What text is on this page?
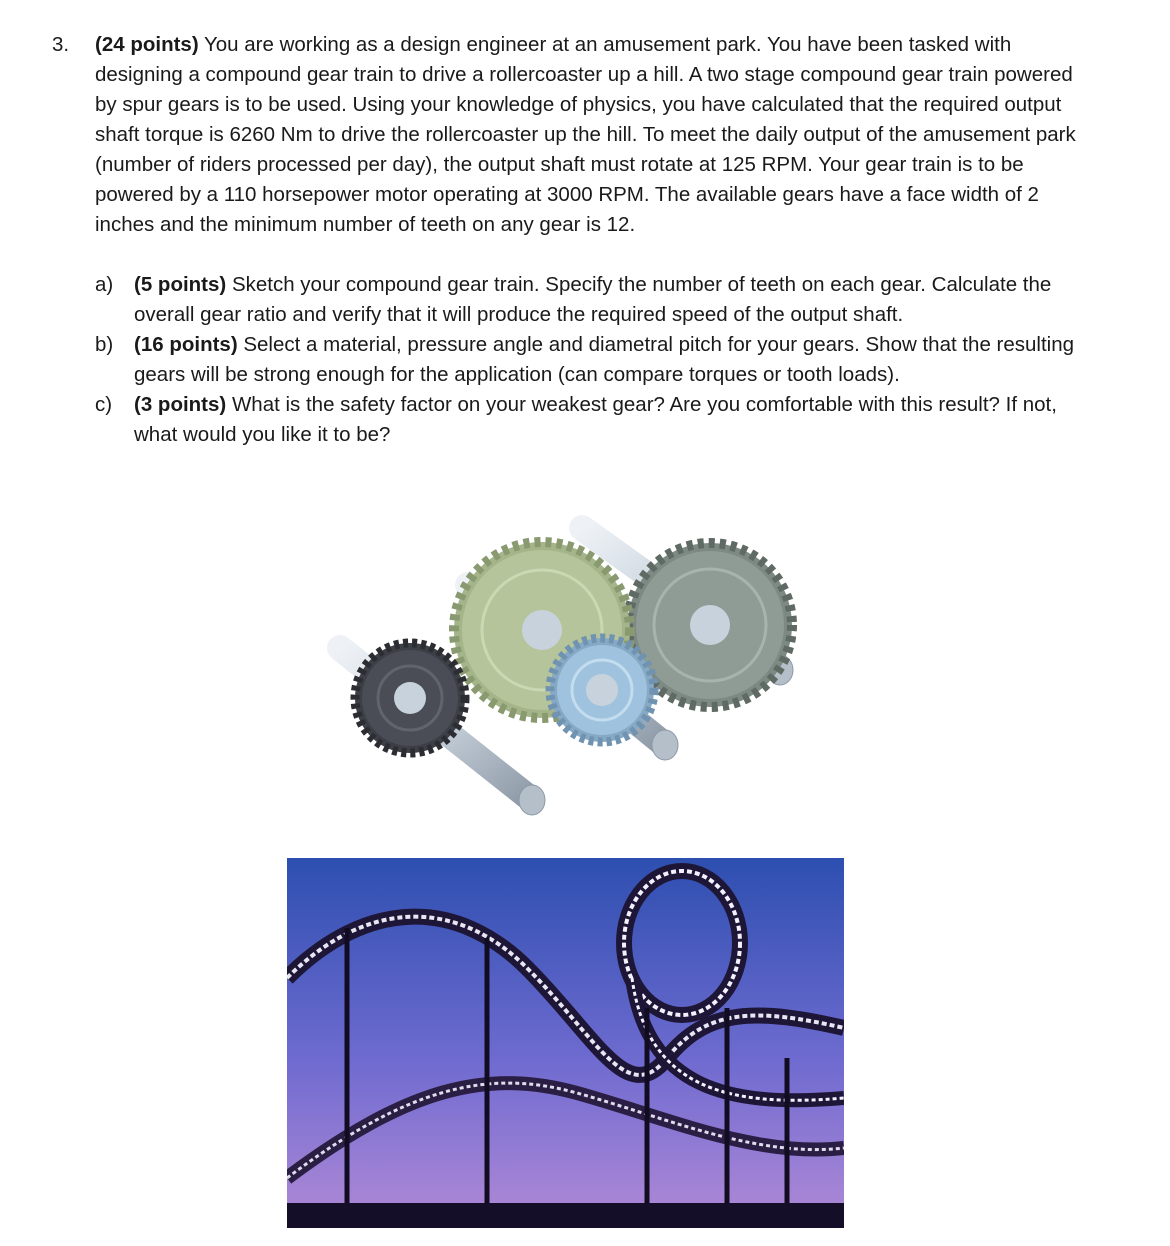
3. (24 points) You are working as a design engineer at an amusement park. You have been tasked with designing a compound gear train to drive a rollercoaster up a hill. A two stage compound gear train powered by spur gears is to be used. Using your knowledge of physics, you have calculated that the required output shaft torque is 6260 Nm to drive the rollercoaster up the hill. To meet the daily output of the amusement park (number of riders processed per day), the output shaft must rotate at 125 RPM. Your gear train is to be powered by a 110 horsepower motor operating at 3000 RPM. The available gears have a face width of 2 inches and the minimum number of teeth on any gear is 12.
a) (5 points) Sketch your compound gear train. Specify the number of teeth on each gear. Calculate the overall gear ratio and verify that it will produce the required speed of the output shaft.
b) (16 points) Select a material, pressure angle and diametral pitch for your gears. Show that the resulting gears will be strong enough for the application (can compare torques or tooth loads).
c) (3 points) What is the safety factor on your weakest gear? Are you comfortable with this result? If not, what would you like it to be?
